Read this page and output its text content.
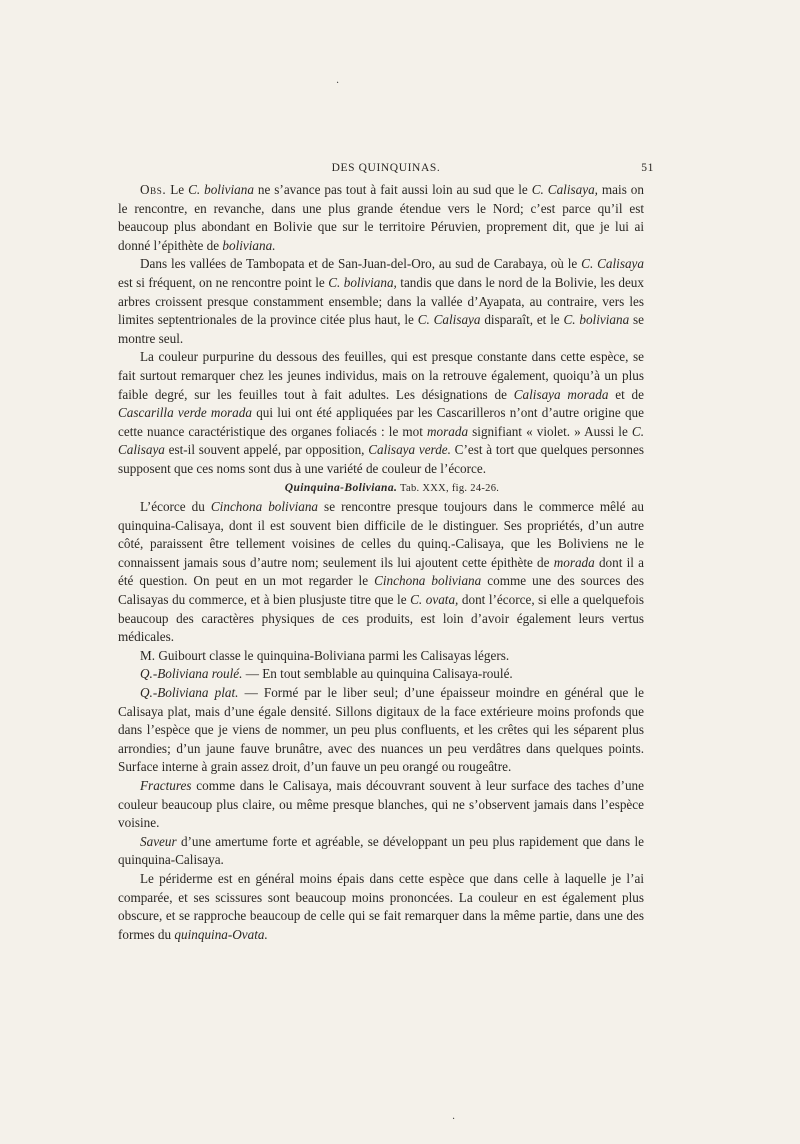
DES QUINQUINAS.	51

Obs. Le C. boliviana ne s’avance pas tout à fait aussi loin au sud que le C. Calisaya, mais on le rencontre, en revanche, dans une plus grande étendue vers le Nord; c’est parce qu’il est beaucoup plus abondant en Bolivie que sur le territoire Péruvien, proprement dit, que je lui ai donné l’épithète de boliviana.

Dans les vallées de Tambopata et de San-Juan-del-Oro, au sud de Carabaya, où le C. Calisaya est si fréquent, on ne rencontre point le C. boliviana, tandis que dans le nord de la Bolivie, les deux arbres croissent presque constamment ensemble; dans la vallée d’Ayapata, au contraire, vers les limites septentrionales de la province citée plus haut, le C. Calisaya disparaît, et le C. boliviana se montre seul.

La couleur purpurine du dessous des feuilles, qui est presque constante dans cette espèce, se fait surtout remarquer chez les jeunes individus, mais on la retrouve également, quoiqu’à un plus faible degré, sur les feuilles tout à fait adultes. Les désignations de Calisaya morada et de Cascarilla verde morada qui lui ont été appliquées par les Cascarilleros n’ont d’autre origine que cette nuance caractéristique des organes foliacés : le mot morada signifiant « violet. » Aussi le C. Calisaya est-il souvent appelé, par opposition, Calisaya verde. C’est à tort que quelques personnes supposent que ces noms sont dus à une variété de couleur de l’écorce.

Quinquina-Boliviana. Tab. XXX, fig. 24-26.

L’écorce du Cinchona boliviana se rencontre presque toujours dans le commerce mêlé au quinquina-Calisaya, dont il est souvent bien difficile de le distinguer. Ses propriétés, d’un autre côté, paraissent être tellement voisines de celles du quinq.-Calisaya, que les Boliviens ne le connaissent jamais sous d’autre nom; seulement ils lui ajoutent cette épithète de morada dont il a été question. On peut en un mot regarder le Cinchona boliviana comme une des sources des Calisayas du commerce, et à bien plusjuste titre que le C. ovata, dont l’écorce, si elle a quelquefois beaucoup des caractères physiques de ces produits, est loin d’avoir également leurs vertus médicales.

M. Guibourt classe le quinquina-Boliviana parmi les Calisayas légers.

Q.-Boliviana roulé. — En tout semblable au quinquina Calisaya-roulé.

Q.-Boliviana plat. — Formé par le liber seul; d’une épaisseur moindre en général que le Calisaya plat, mais d’une égale densité. Sillons digitaux de la face extérieure moins profonds que dans l’espèce que je viens de nommer, un peu plus confluents, et les crêtes qui les séparent plus arrondies; d’un jaune fauve brunâtre, avec des nuances un peu verdâtres dans quelques points. Surface interne à grain assez droit, d’un fauve un peu orangé ou rougeâtre.

Fractures comme dans le Calisaya, mais découvrant souvent à leur surface des taches d’une couleur beaucoup plus claire, ou même presque blanches, qui ne s’observent jamais dans l’espèce voisine.

Saveur d’une amertume forte et agréable, se développant un peu plus rapidement que dans le quinquina-Calisaya.

Le périderme est en général moins épais dans cette espèce que dans celle à laquelle je l’ai comparée, et ses scissures sont beaucoup moins prononcées. La couleur en est également plus obscure, et se rapproche beaucoup de celle qui se fait remarquer dans la même partie, dans une des formes du quinquina-Ovata.

·
·
